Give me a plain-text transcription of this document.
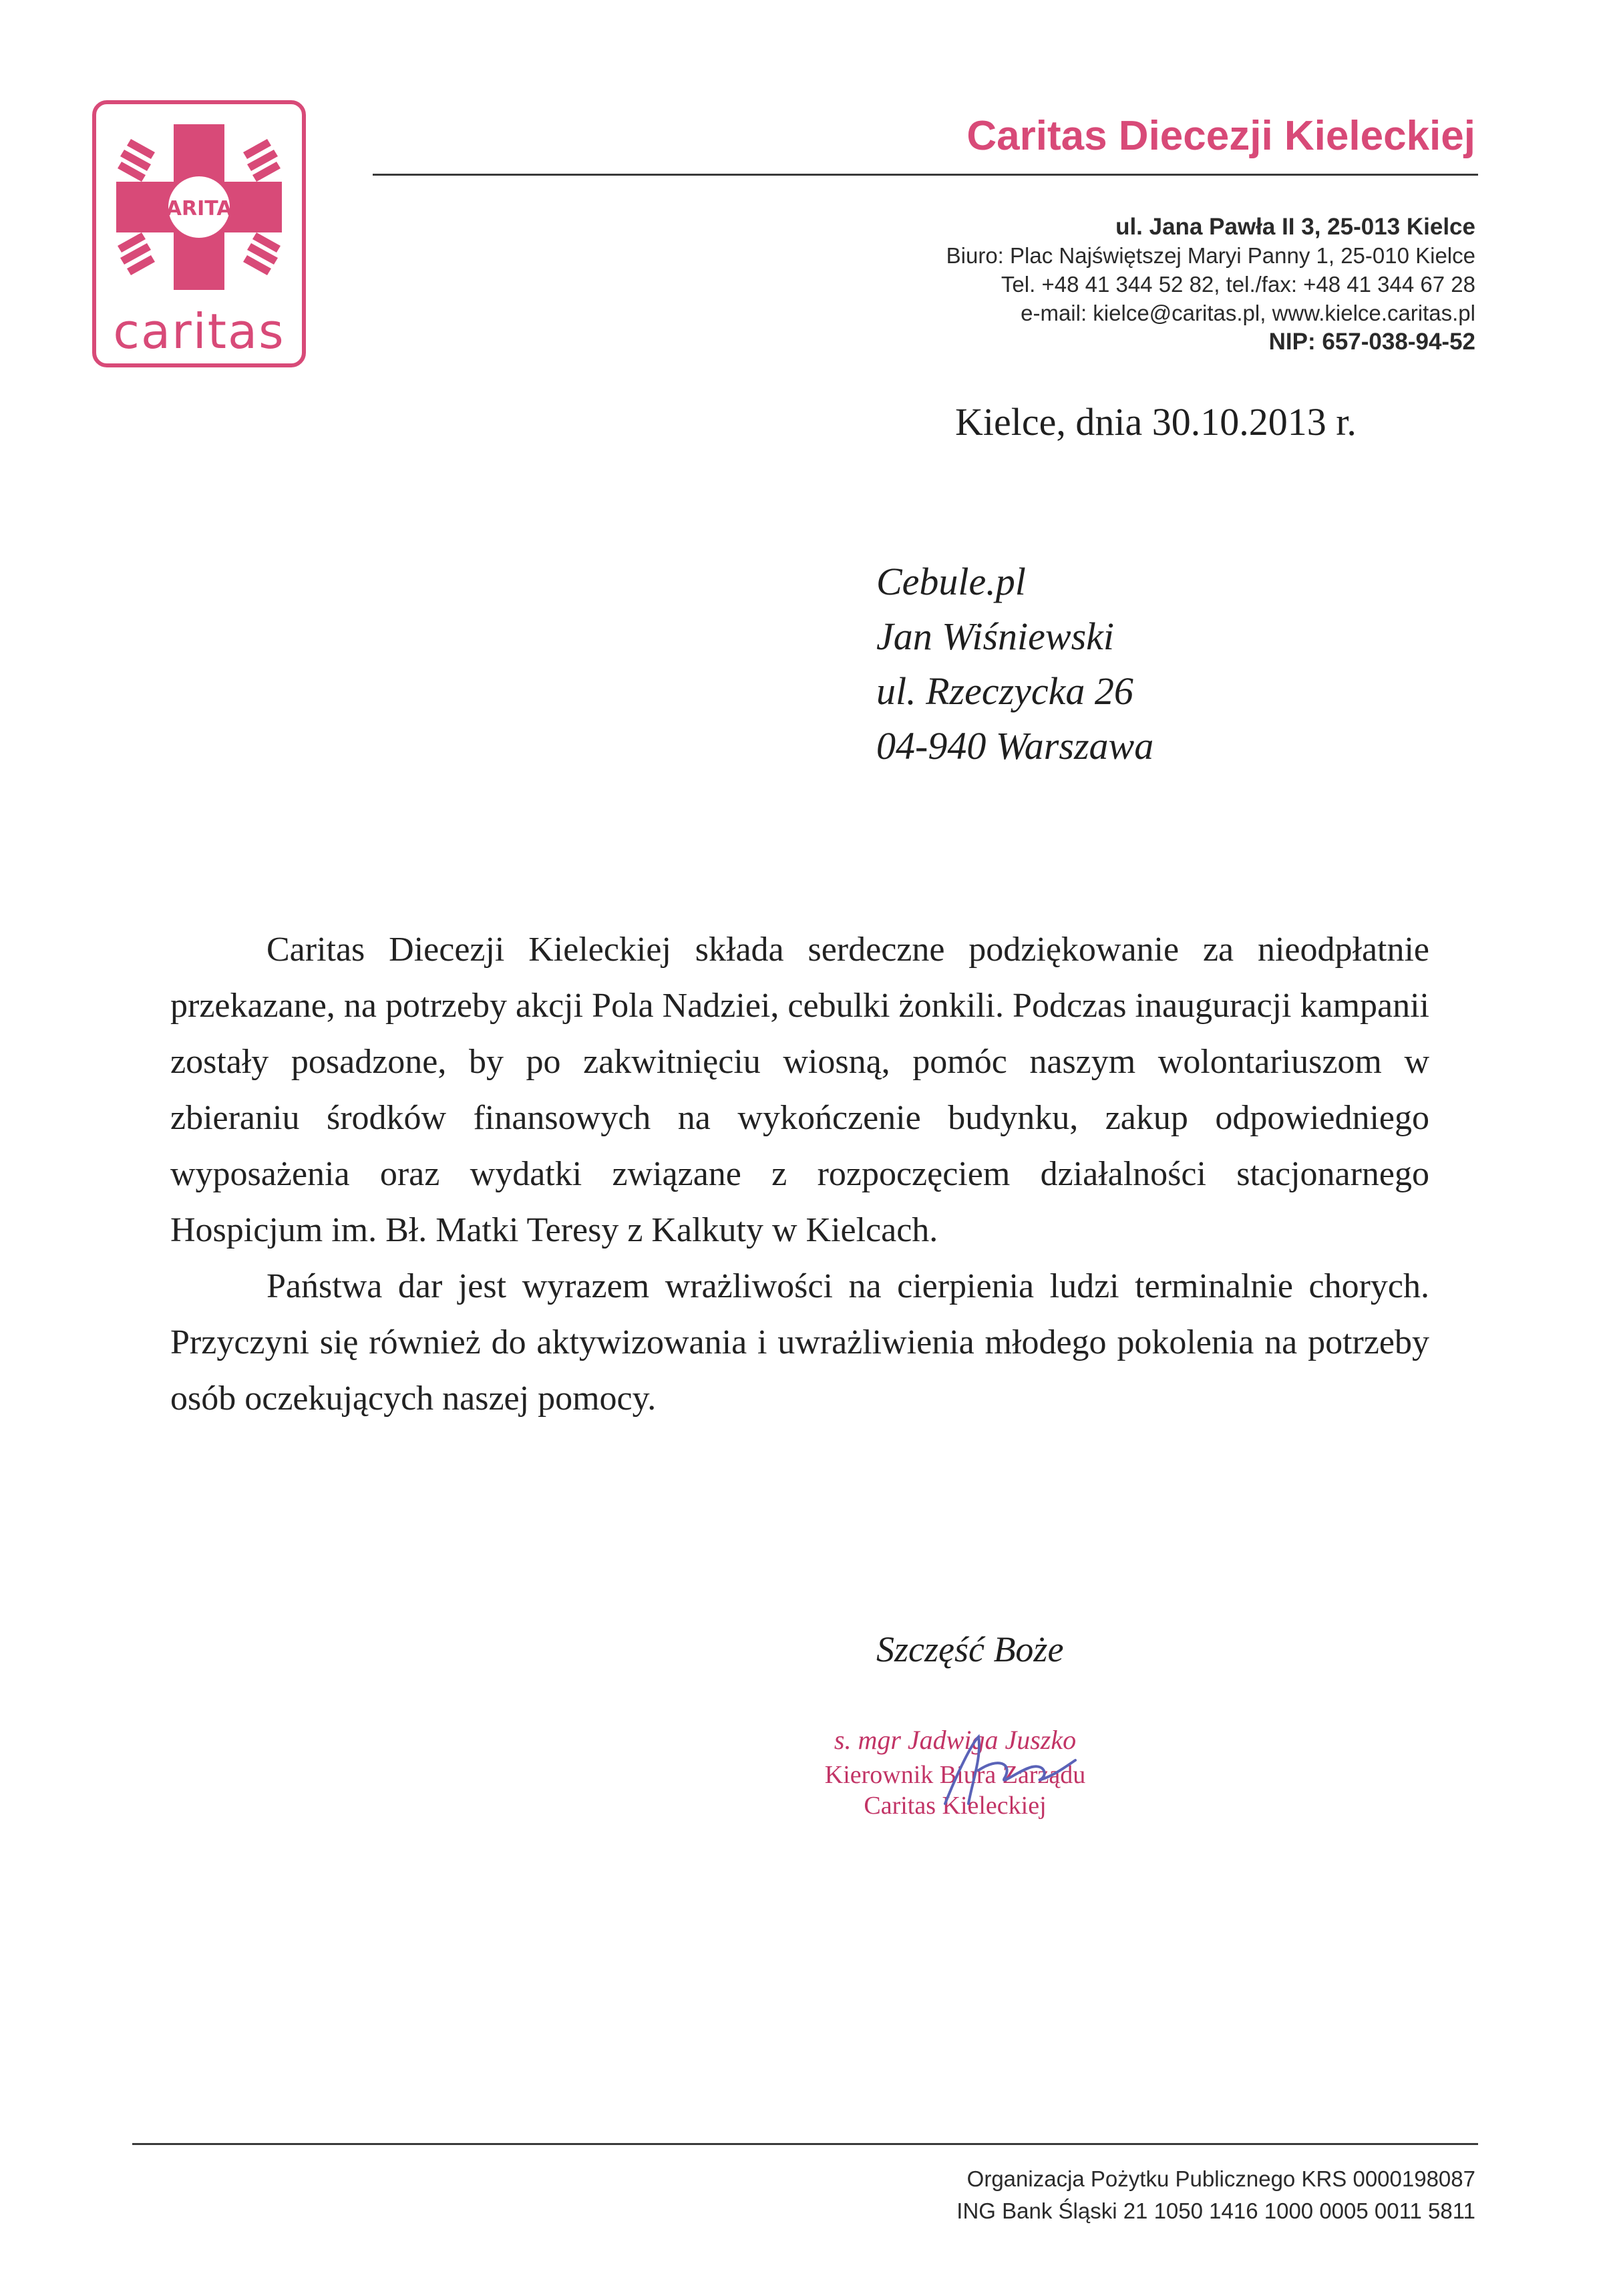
CARITAS
caritas
Caritas Diecezji Kieleckiej
ul. Jana Pawła II 3, 25-013 Kielce
Biuro: Plac Najświętszej Maryi Panny 1, 25-010 Kielce
Tel. +48 41 344 52 82, tel./fax: +48 41 344 67 28
e-mail: kielce@caritas.pl, www.kielce.caritas.pl
NIP: 657-038-94-52
Kielce, dnia 30.10.2013 r.
Cebule.pl
Jan Wiśniewski
ul. Rzeczycka 26
04-940 Warszawa

Caritas Diecezji Kieleckiej składa serdeczne podziękowanie za nieodpłatnie przekazane, na potrzeby akcji Pola Nadziei, cebulki żonkili. Podczas inauguracji kampanii zostały posadzone, by po zakwitnięciu wiosną, pomóc naszym wolontariuszom w zbieraniu środków finansowych na wykończenie budynku, zakup odpowiedniego wyposażenia oraz wydatki związane z rozpoczęciem działalności stacjonarnego Hospicjum im. Bł. Matki Teresy z Kalkuty w Kielcach.

Państwa dar jest wyrazem wrażliwości na cierpienia ludzi terminalnie chorych. Przyczyni się również do aktywizowania i uwrażliwienia młodego pokolenia na potrzeby osób oczekujących naszej pomocy.

Szczęść Boże
s. mgr Jadwiga Juszko
Kierownik Biura Zarządu
Caritas Kieleckiej
Organizacja Pożytku Publicznego KRS 0000198087
ING Bank Śląski 21 1050 1416 1000 0005 0011 5811
